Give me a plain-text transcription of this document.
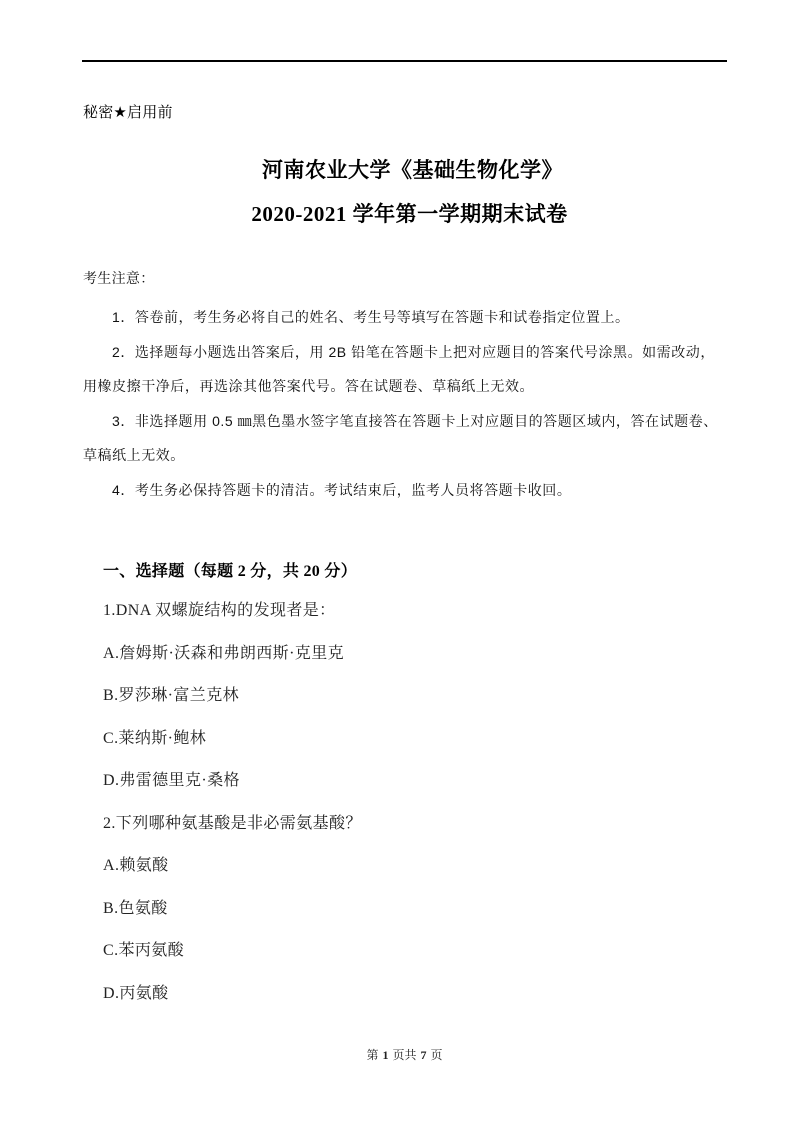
秘密★启用前
河南农业大学《基础生物化学》
2020-2021 学年第一学期期末试卷
考生注意：
1．答卷前，考生务必将自己的姓名、考生号等填写在答题卡和试卷指定位置上。
2．选择题每小题选出答案后，用 2B 铅笔在答题卡上把对应题目的答案代号涂黑。如需改动，
用橡皮擦干净后，再选涂其他答案代号。答在试题卷、草稿纸上无效。
3．非选择题用 0.5 ㎜黑色墨水签字笔直接答在答题卡上对应题目的答题区域内，答在试题卷、
草稿纸上无效。
4．考生务必保持答题卡的清洁。考试结束后，监考人员将答题卡收回。
一、选择题（每题 2 分，共 20 分）
1.DNA 双螺旋结构的发现者是：
A.詹姆斯·沃森和弗朗西斯·克里克
B.罗莎琳·富兰克林
C.莱纳斯·鲍林
D.弗雷德里克·桑格
2.下列哪种氨基酸是非必需氨基酸？
A.赖氨酸
B.色氨酸
C.苯丙氨酸
D.丙氨酸
第 1 页共 7 页
